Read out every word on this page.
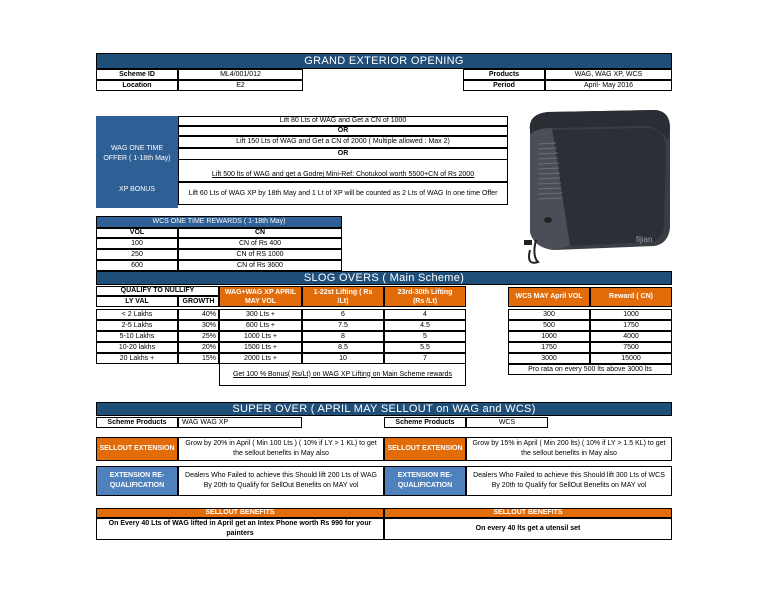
GRAND EXTERIOR OPENING
Scheme ID	ML4/001/012
Location	E2
Products	WAG, WAG XP, WCS
Period	April- May 2016
WAG ONE TIME OFFER ( 1-18th May)
XP BONUS
Lift 80 Lts of WAG and Get a CN of 1000
OR
Lift 150 Lts of WAG and Get a CN of 2000 ( Multiple allowed : Max 2)
OR
Lift 500 lts of WAG and get a Godrej Mini-Ref: Chotukool worth 5500+CN of Rs 2000
Lift 60 Lts of WAG XP by 18th May and 1 Lt of XP will be counted as 2 Lts of WAG In one time Offer
fijian
WCS ONE TIME REWARDS ( 1-18th May)
VOL	CN
100	CN of Rs 400
250	CN of RS 1000
600	CN of Rs 3600
SLOG OVERS ( Main Scheme)
QUALIFY TO NULLIFY
LY VAL	GROWTH
WAG+WAG XP APRIL MAY VOL
1-22st Lifting ( Rs /Lt)
23rd-30th Lifting (Rs /Lt)
< 2 Lakhs	40%	300 Lts +	6	4
2-5 Lakhs	30%	600 Lts +	7.5	4.5
5-10 Lakhs	25%	1000 Lts +	8	5
10-20 lakhs	20%	1500 Lts +	8.5	5.5
20 Lakhs +	15%	2000 Lts +	10	7
Get 100 % Bonus( Rs/Lt) on WAG XP Lifting on Main Scheme rewards
WCS MAY April VOL	Reward ( CN)
300	1000
500	1750
1000	4000
1750	7500
3000	15000
Pro rata on every 500 lts above 3000 lts
SUPER OVER ( APRIL MAY SELLOUT on WAG and WCS)
Scheme Products	WAG WAG XP
SELLOUT EXTENSION
Grow by 20% in April ( Min 100 Lts ) ( 10% if LY > 1 KL) to get the sellout benefits in May also
EXTENSION RE-QUALIFICATION
Dealers Who Failed to achieve this Should lift 200 Lts of WAG By 20th to Qualify for SellOut Benefits on MAY vol
SELLOUT BENEFITS
On Every 40 Lts of WAG lifted in April get an Intex Phone worth Rs 990 for your painters
Scheme Products	WCS
SELLOUT EXTENSION
Grow by 15% in April ( Min 200 lts) ( 10% if LY > 1.5 KL) to get the sellout benefits in May also
EXTENSION RE-QUALIFICATION
Dealers Who Failed to achieve this Should lift 300 Lts of WCS By 20th to Qualify for SellOut Benefits on MAY vol
SELLOUT BENEFITS
On every 40 lts get a utensil set
